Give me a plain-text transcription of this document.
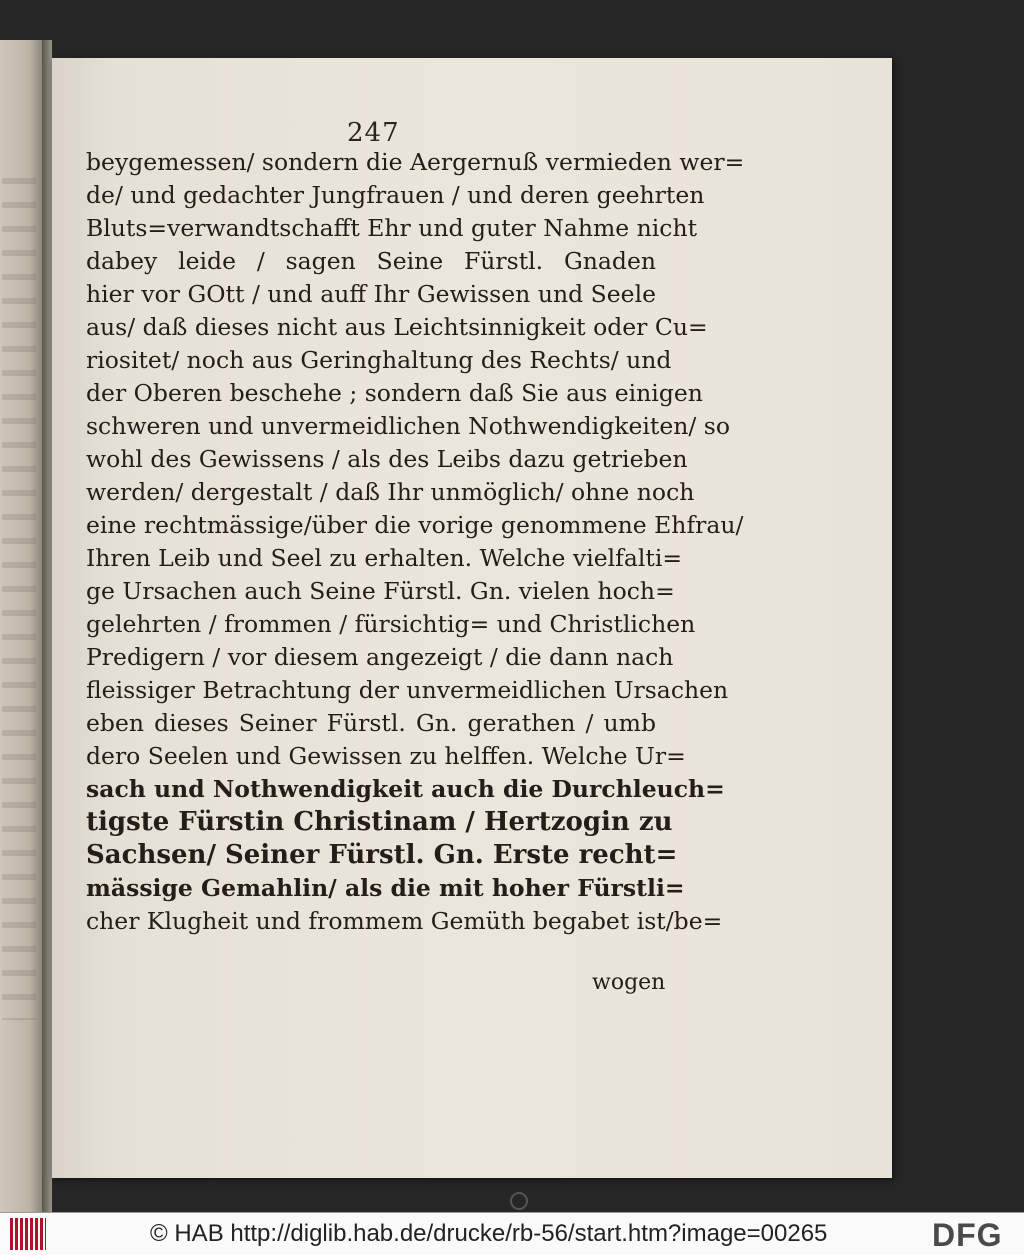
247
beygemessen/ sondern die Aergernuß vermieden wer=
de/ und gedachter Jungfrauen / und deren geehrten
Bluts=verwandtschafft Ehr und guter Nahme nicht
dabey leide / sagen Seine Fürstl. Gnaden
hier vor GOtt / und auff Ihr Gewissen und Seele
aus/ daß dieses nicht aus Leichtsinnigkeit oder Cu=
riositet/ noch aus Geringhaltung des Rechts/ und
der Oberen beschehe ; sondern daß Sie aus einigen
schweren und unvermeidlichen Nothwendigkeiten/ so
wohl des Gewissens / als des Leibs dazu getrieben
werden/ dergestalt / daß Ihr unmöglich/ ohne noch
eine rechtmässige/über die vorige genommene Ehfrau/
Ihren Leib und Seel zu erhalten. Welche vielfalti=
ge Ursachen auch Seine Fürstl. Gn. vielen hoch=
gelehrten / frommen / fürsichtig= und Christlichen
Predigern / vor diesem angezeigt / die dann nach
fleissiger Betrachtung der unvermeidlichen Ursachen
eben dieses Seiner Fürstl. Gn. gerathen / umb
dero Seelen und Gewissen zu helffen. Welche Ur=
sach und Nothwendigkeit auch die Durchleuch=
tigste Fürstin Christinam / Hertzogin zu
Sachsen/ Seiner Fürstl. Gn. Erste recht=
mässige Gemahlin/ als die mit hoher Fürstli=
cher Klugheit und frommem Gemüth begabet ist/be=
wogen
© HAB http://diglib.hab.de/drucke/rb-56/start.htm?image=00265	DFG
